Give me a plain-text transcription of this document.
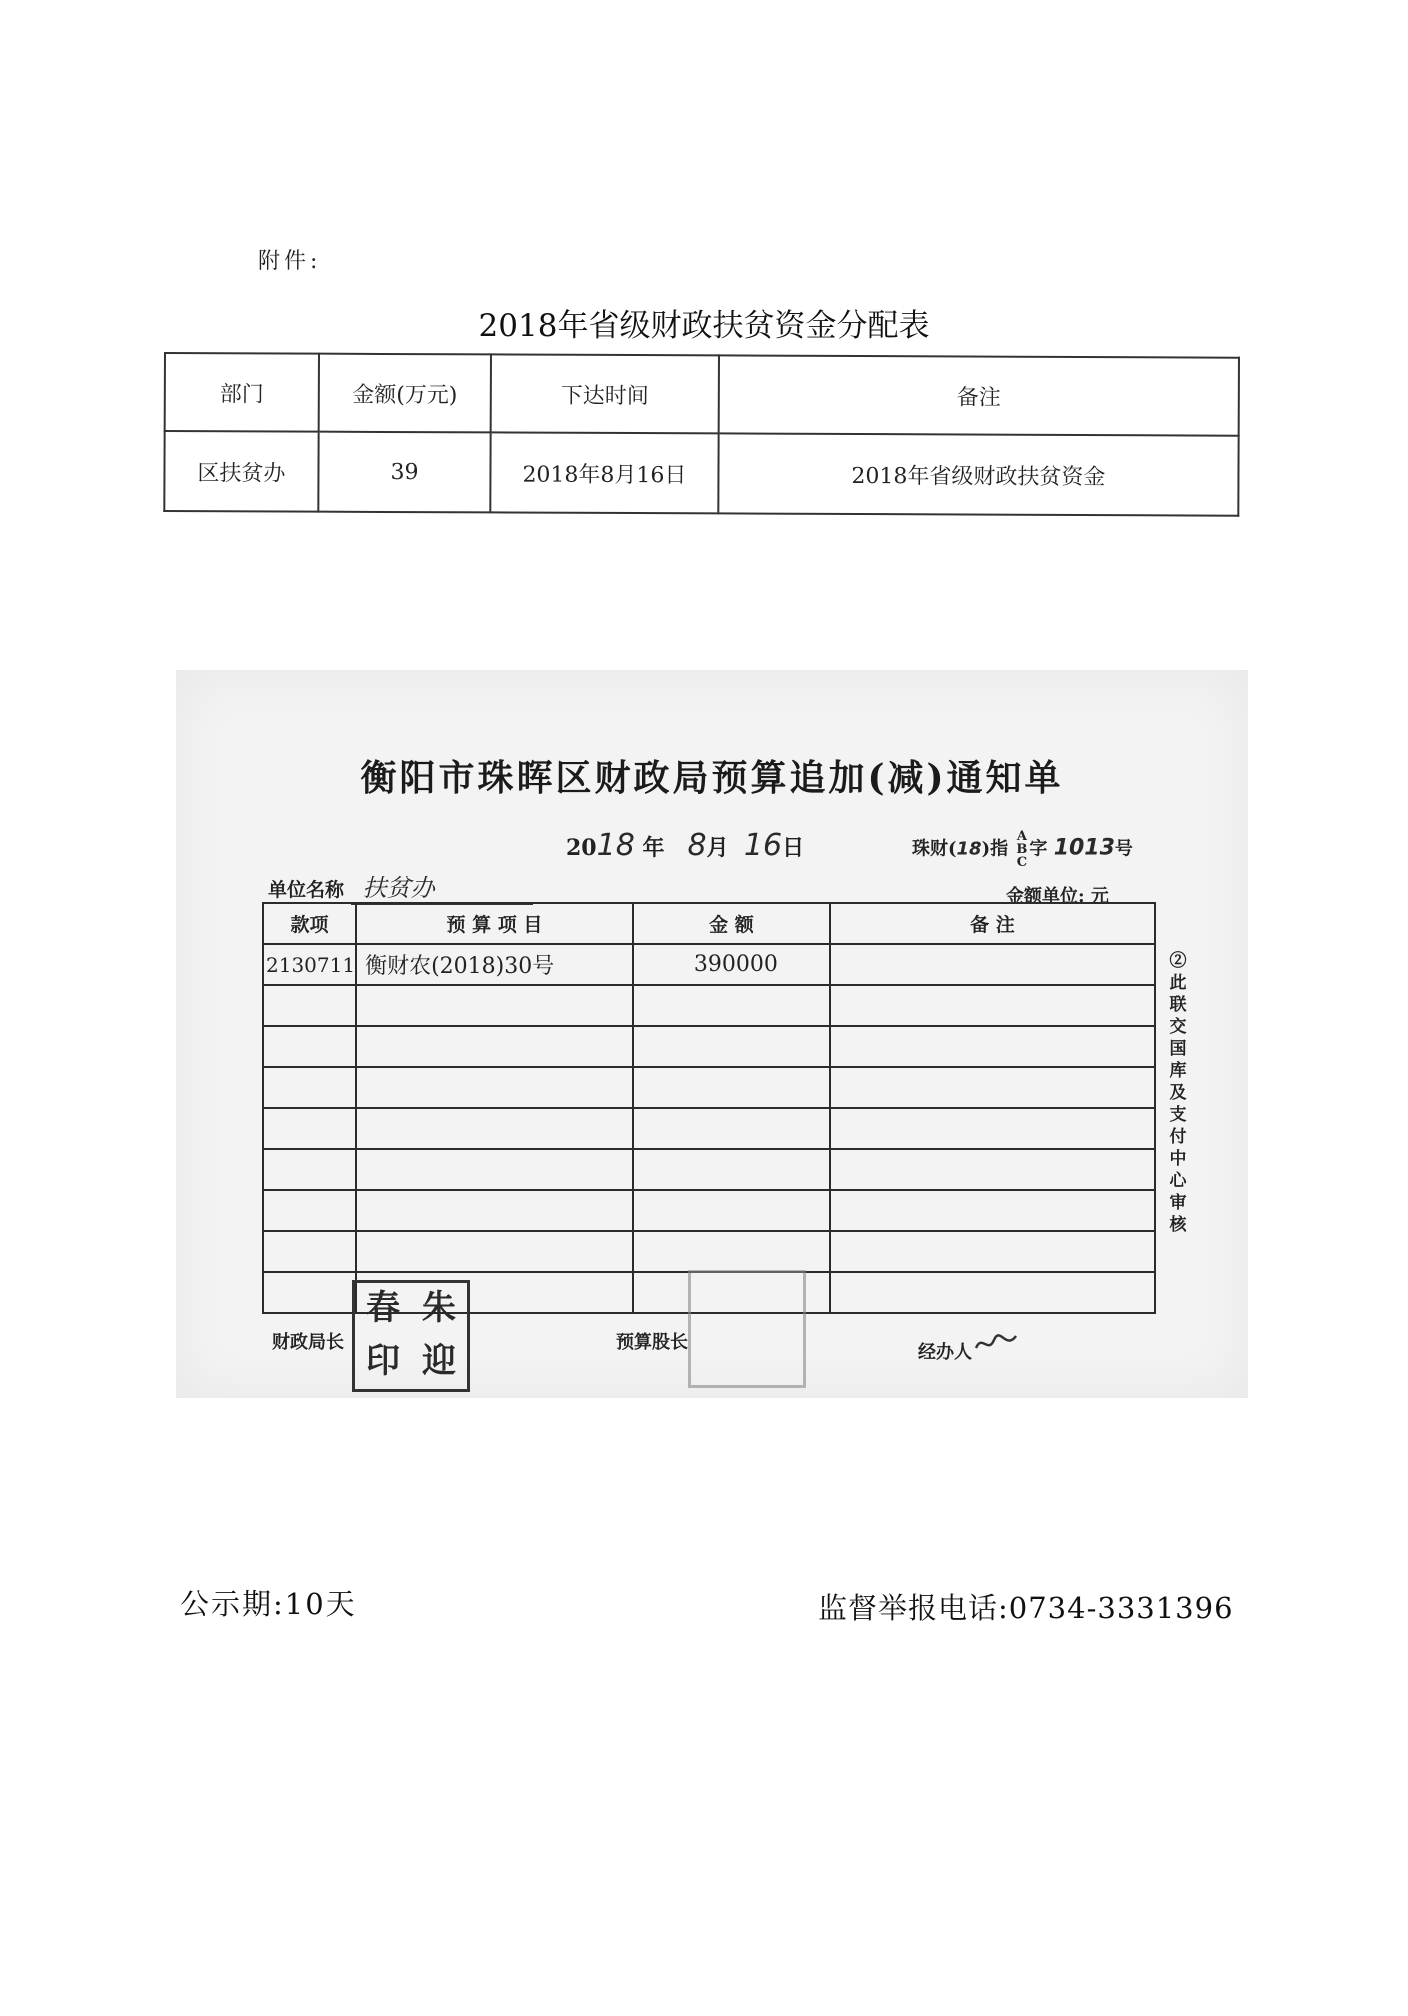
附件:
2018年省级财政扶贫资金分配表
部门	金额(万元)	下达时间	备注
区扶贫办	39	2018年8月16日	2018年省级财政扶贫资金
衡阳市珠晖区财政局预算追加(减)通知单
2018 年 8月 16日	珠财(18)指 A
B
C字 1013号
单位名称 扶贫办	金额单位: 元
款项	预 算 项 目	金 额	备 注
2130711	衡财农(2018)30号	390000	

				②此联交国库及支付中心审核
春 朱
印 迎
财政局长	预算股长	经办人
公示期:10天	监督举报电话:0734-3331396
